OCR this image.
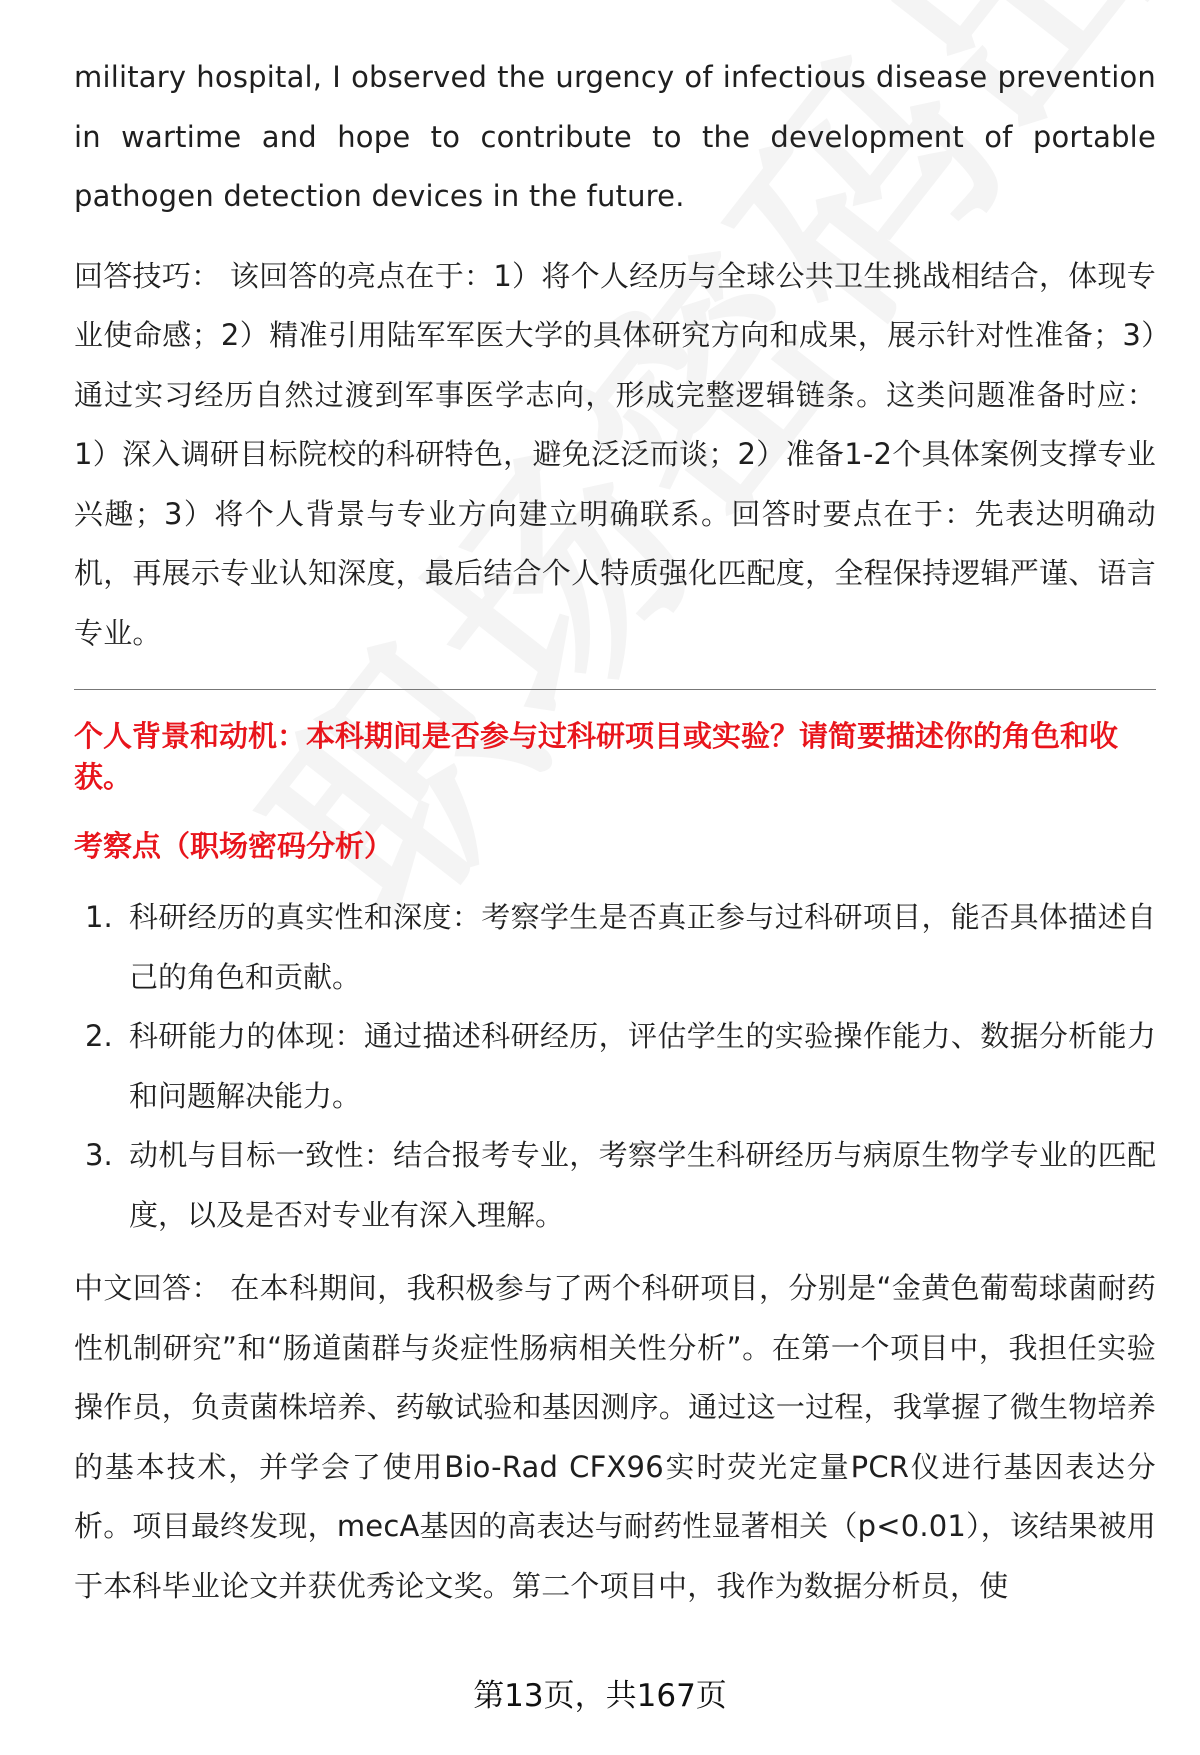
military hospital, I observed the urgency of infectious disease prevention in wartime and hope to contribute to the development of portable pathogen detection devices in the future.

回答技巧： 该回答的亮点在于：1）将个人经历与全球公共卫生挑战相结合，体现专业使命感；2）精准引用陆军军医大学的具体研究方向和成果，展示针对性准备；3）通过实习经历自然过渡到军事医学志向，形成完整逻辑链条。这类问题准备时应：1）深入调研目标院校的科研特色，避免泛泛而谈；2）准备1-2个具体案例支撑专业兴趣；3）将个人背景与专业方向建立明确联系。回答时要点在于：先表达明确动机，再展示专业认知深度，最后结合个人特质强化匹配度，全程保持逻辑严谨、语言专业。

个人背景和动机：本科期间是否参与过科研项目或实验？请简要描述你的角色和收获。

考察点（职场密码分析）

1. 科研经历的真实性和深度：考察学生是否真正参与过科研项目，能否具体描述自己的角色和贡献。
2. 科研能力的体现：通过描述科研经历，评估学生的实验操作能力、数据分析能力和问题解决能力。
3. 动机与目标一致性：结合报考专业，考察学生科研经历与病原生物学专业的匹配度，以及是否对专业有深入理解。

中文回答： 在本科期间，我积极参与了两个科研项目，分别是“金黄色葡萄球菌耐药性机制研究”和“肠道菌群与炎症性肠病相关性分析”。在第一个项目中，我担任实验操作员，负责菌株培养、药敏试验和基因测序。通过这一过程，我掌握了微生物培养的基本技术，并学会了使用Bio-Rad CFX96实时荧光定量PCR仪进行基因表达分析。项目最终发现，mecA基因的高表达与耐药性显著相关（p<0.01），该结果被用于本科毕业论文并获优秀论文奖。第二个项目中，我作为数据分析员，使

第13页，共167页
